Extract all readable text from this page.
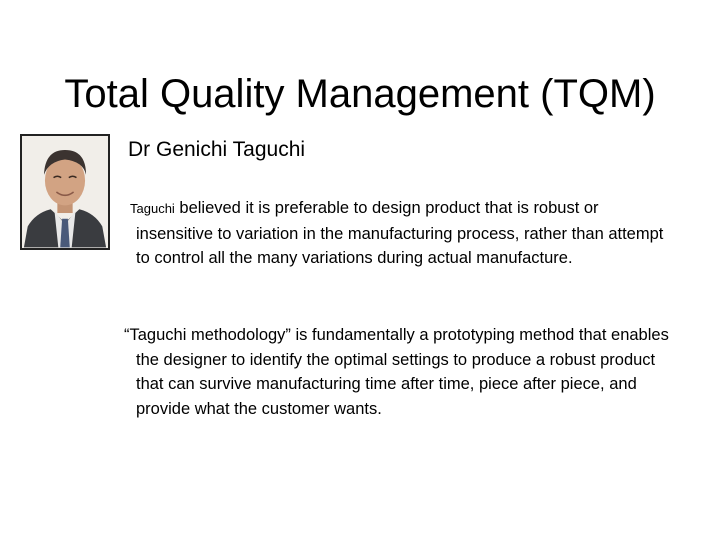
Total Quality Management (TQM)
Dr Genichi Taguchi

Taguchi believed it is preferable to design product that is robust or insensitive to variation in the manufacturing process, rather than attempt to control all the many variations during actual manufacture.

“Taguchi methodology” is fundamentally a prototyping method that enables the designer to identify the optimal settings to produce a robust product that can survive manufacturing time after time, piece after piece, and provide what the customer wants.
